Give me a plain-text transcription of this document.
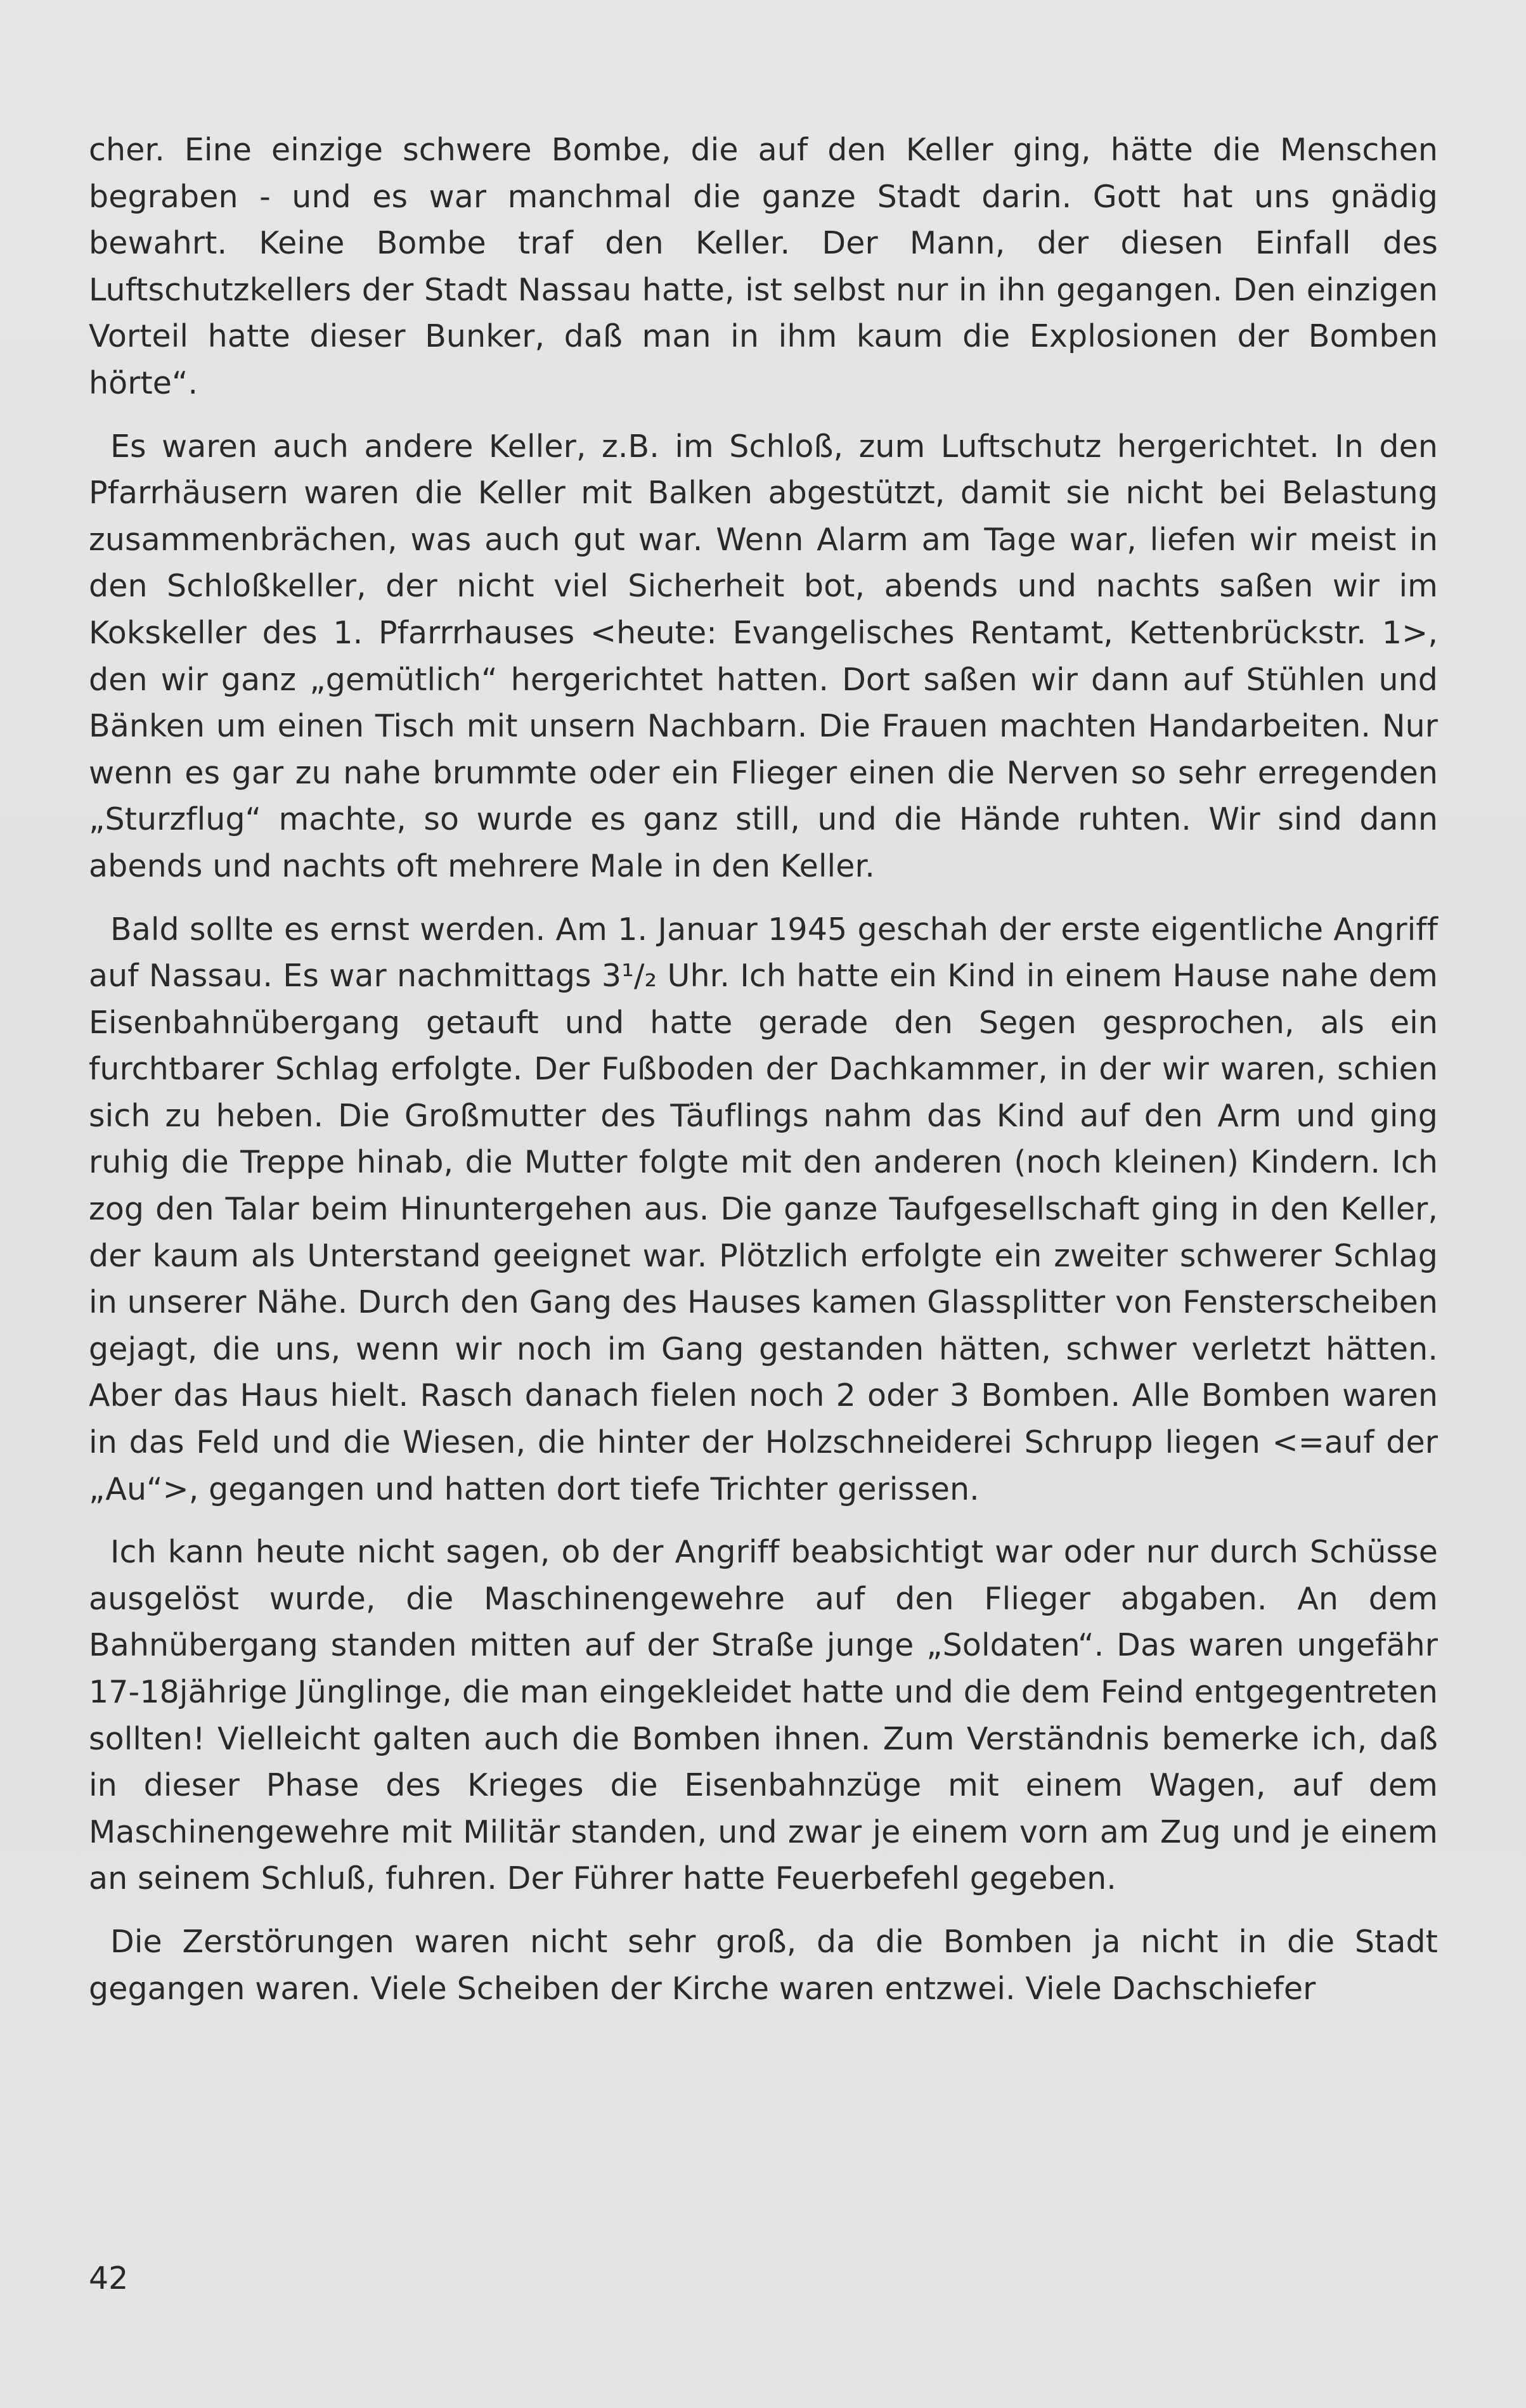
cher. Eine einzige schwere Bombe, die auf den Keller ging, hätte die Menschen begraben - und es war manchmal die ganze Stadt darin. Gott hat uns gnädig bewahrt. Keine Bombe traf den Keller. Der Mann, der diesen Einfall des Luftschutzkellers der Stadt Nassau hatte, ist selbst nur in ihn gegangen. Den einzigen Vorteil hatte dieser Bunker, daß man in ihm kaum die Explosionen der Bomben hörte“.

Es waren auch andere Keller, z.B. im Schloß, zum Luftschutz hergerichtet. In den Pfarrhäusern waren die Keller mit Balken abgestützt, damit sie nicht bei Belastung zusammenbrächen, was auch gut war. Wenn Alarm am Tage war, liefen wir meist in den Schloßkeller, der nicht viel Sicherheit bot, abends und nachts saßen wir im Kokskeller des 1. Pfarrrhauses <heute: Evangelisches Rentamt, Kettenbrückstr. 1>, den wir ganz „gemütlich“ hergerichtet hatten. Dort saßen wir dann auf Stühlen und Bänken um einen Tisch mit unsern Nachbarn. Die Frauen machten Handarbeiten. Nur wenn es gar zu nahe brummte oder ein Flieger einen die Nerven so sehr erregenden „Sturzflug“ machte, so wurde es ganz still, und die Hände ruhten. Wir sind dann abends und nachts oft mehrere Male in den Keller.

Bald sollte es ernst werden. Am 1. Januar 1945 geschah der erste eigentliche Angriff auf Nassau. Es war nachmittags 3¹/₂ Uhr. Ich hatte ein Kind in einem Hause nahe dem Eisenbahnübergang getauft und hatte gerade den Segen gesprochen, als ein furchtbarer Schlag erfolgte. Der Fußboden der Dachkammer, in der wir waren, schien sich zu heben. Die Großmutter des Täuflings nahm das Kind auf den Arm und ging ruhig die Treppe hinab, die Mutter folgte mit den anderen (noch kleinen) Kindern. Ich zog den Talar beim Hinuntergehen aus. Die ganze Taufgesellschaft ging in den Keller, der kaum als Unterstand geeignet war. Plötzlich erfolgte ein zweiter schwerer Schlag in unserer Nähe. Durch den Gang des Hauses kamen Glassplitter von Fensterscheiben gejagt, die uns, wenn wir noch im Gang gestanden hätten, schwer verletzt hätten. Aber das Haus hielt. Rasch danach fielen noch 2 oder 3 Bomben. Alle Bomben waren in das Feld und die Wiesen, die hinter der Holzschneiderei Schrupp liegen <=auf der „Au“>, gegangen und hatten dort tiefe Trichter gerissen.

Ich kann heute nicht sagen, ob der Angriff beabsichtigt war oder nur durch Schüsse ausgelöst wurde, die Maschinengewehre auf den Flieger abgaben. An dem Bahnübergang standen mitten auf der Straße junge „Soldaten“. Das waren ungefähr 17-18jährige Jünglinge, die man eingekleidet hatte und die dem Feind entgegentreten sollten! Vielleicht galten auch die Bomben ihnen. Zum Verständnis bemerke ich, daß in dieser Phase des Krieges die Eisenbahnzüge mit einem Wagen, auf dem Maschinengewehre mit Militär standen, und zwar je einem vorn am Zug und je einem an seinem Schluß, fuhren. Der Führer hatte Feuerbefehl gegeben.

Die Zerstörungen waren nicht sehr groß, da die Bomben ja nicht in die Stadt gegangen waren. Viele Scheiben der Kirche waren entzwei. Viele Dachschiefer

42
